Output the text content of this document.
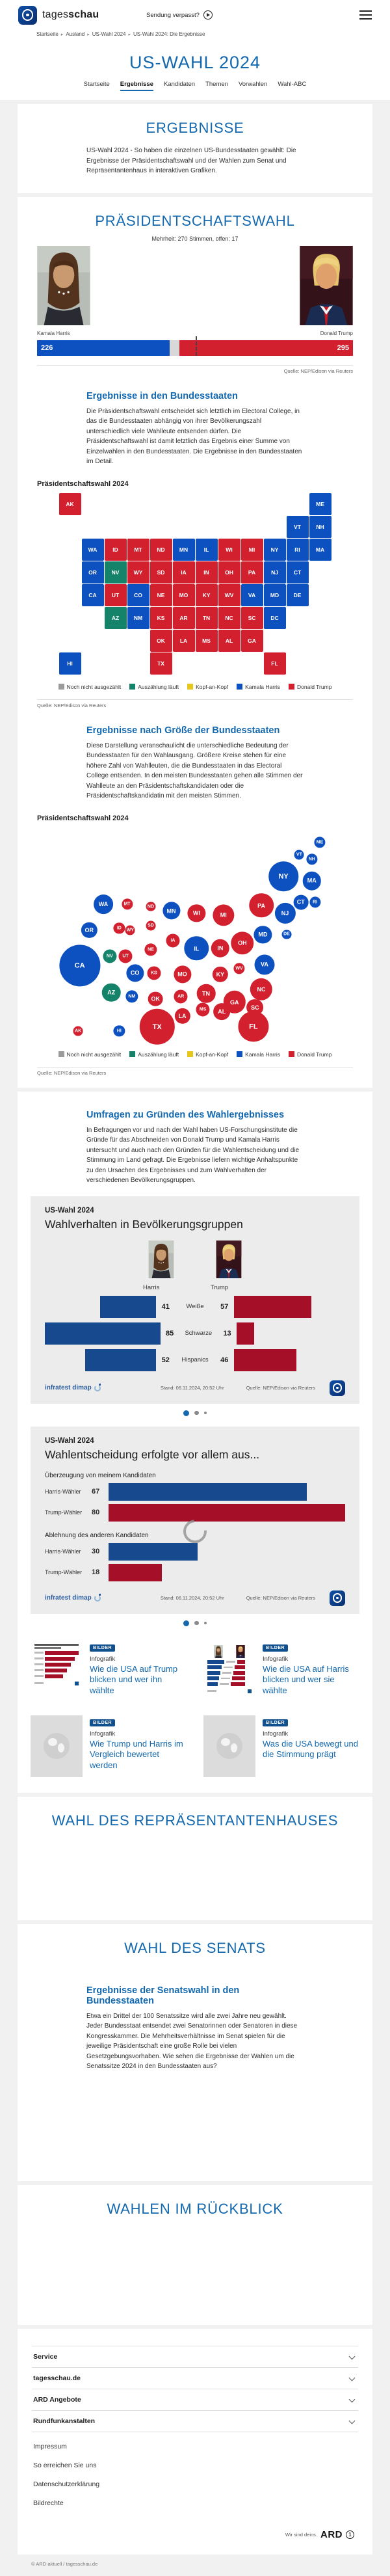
tagesschau	Sendung verpasst?
Startseite ▸ Ausland ▸ US-Wahl 2024 ▸ US-Wahl 2024: Die Ergebnisse
US-WAHL 2024
Startseite Ergebnisse Kandidaten Themen Vorwahlen Wahl-ABC
ERGEBNISSE

US-Wahl 2024 - So haben die einzelnen US-Bundesstaaten gewählt: Die Ergebnisse der Präsidentschaftswahl und der Wahlen zum Senat und Repräsentantenhaus in interaktiven Grafiken.

PRÄSIDENTSCHAFTSWAHL

Mehrheit: 270 Stimmen, offen: 17

Kamala Harris	Donald Trump
226	295
Quelle: NEP/Edison via Reuters
Ergebnisse in den Bundesstaaten

Die Präsidentschaftswahl entscheidet sich letztlich im Electoral College, in das die Bundesstaaten abhängig von ihrer Bevölkerungszahl unterschiedlich viele Wahlleute entsenden dürfen. Die Präsidentschaftswahl ist damit letztlich das Ergebnis einer Summe von Einzelwahlen in den Bundesstaaten. Die Ergebnisse in den Bundesstaaten im Detail.

Präsidentschaftswahl 2024
AL
AK
AZ	AR
CA	CO
CT
DE
DC
FL
GA
HI
ID	IL
IN
IA
KS
KY
LA
ME
MD
MA
MI
MN
MS
MO
MT
NE
NV
NH
NJ
NM
NY
NC
ND
OH
OK
OR	PA
RI
SC
SD
TN
TX
UT
VT
VA
WA
WV
WI
WY
Noch nicht ausgezählt	Auszählung läuft	Kopf-an-Kopf	Kamala Harris	Donald Trump
Quelle: NEP/Edison via Reuters
Ergebnisse nach Größe der Bundesstaaten

Diese Darstellung veranschaulicht die unterschiedliche Bedeutung der Bundesstaaten für den Wahlausgang. Größere Kreise stehen für eine höhere Zahl von Wahlleuten, die die Bundesstaaten in das Electoral College entsenden. In den meisten Bundesstaaten gehen alle Stimmen der Wahlleute an den Präsidentschaftskandidaten oder die Präsidentschaftskandidatin mit den meisten Stimmen.

Präsidentschaftswahl 2024
AL
AK
AZ
AR
CA
CO
CT
DE
FL
GA
HI
ID
IL	IN
IA
KS	KY
LA
ME
MD
MA
MI
MN
MS
MO
MT
NE
NV
NH
NJ
NM
NY
NC
ND
OH
OK
OR
PA	RI
SC
SD
TN
TX
UT
VT
VA
WA
WV
WI
WY
Noch nicht ausgezählt	Auszählung läuft	Kopf-an-Kopf	Kamala Harris	Donald Trump
Quelle: NEP/Edison via Reuters
Umfragen zu Gründen des Wahlergebnisses

In Befragungen vor und nach der Wahl haben US-Forschungsinstitute die Gründe für das Abschneiden von Donald Trump und Kamala Harris untersucht und auch nach den Gründen für die Wahlentscheidung und die Stimmung im Land gefragt. Die Ergebnisse liefern wichtige Anhaltspunkte zu den Ursachen des Ergebnisses und zum Wahlverhalten der verschiedenen Bevölkerungsgruppen.

US-Wahl 2024
Wahlverhalten in Bevölkerungsgruppen
Harris	Trump
41	Weiße	57
85	Schwarze	13
52	Hispanics	46
infratest dimap	Stand: 06.11.2024, 20:52 Uhr	Quelle: NEP/Edison via Reuters
US-Wahl 2024
Wahlentscheidung erfolgte vor allem aus...
Überzeugung von meinem Kandidaten
Harris-Wähler	67
Trump-Wähler	80
Ablehnung des anderen Kandidaten
Harris-Wähler	30
Trump-Wähler	18
infratest dimap	Stand: 06.11.2024, 20:52 Uhr	Quelle: NEP/Edison via Reuters
BILDER
Infografik
Wie die USA auf Trump blicken und wer ihn wählte
BILDER
Infografik
Wie die USA auf Harris blicken und wer sie wählte
BILDER
Infografik
Wie Trump und Harris im Vergleich bewertet werden
BILDER
Infografik
Was die USA bewegt und die Stimmung prägt
WAHL DES REPRÄSENTANTENHAUSES
WAHL DES SENATS
Ergebnisse der Senatswahl in den Bundesstaaten

Etwa ein Drittel der 100 Senatssitze wird alle zwei Jahre neu gewählt. Jeder Bundesstaat entsendet zwei Senatorinnen oder Senatoren in diese Kongresskammer. Die Mehrheitsverhältnisse im Senat spielen für die jeweilige Präsidentschaft eine große Rolle bei vielen Gesetzgebungsvorhaben. Wie sehen die Ergebnisse der Wahlen um die Senatssitze 2024 in den Bundesstaaten aus?

WAHLEN IM RÜCKBLICK
Service
tagesschau.de
ARD Angebote
Rundfunkanstalten
Impressum
So erreichen Sie uns
Datenschutzerklärung
Bildrechte
Wir sind deins. ARD	1
© ARD-aktuell / tagesschau.de
